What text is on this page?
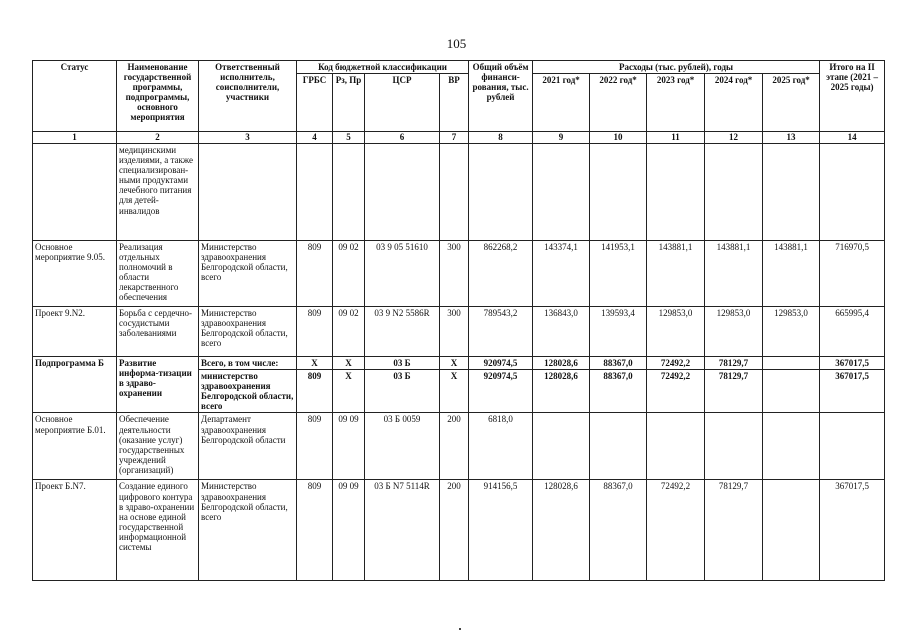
105
Статус	Наименование государственной программы, подпрограммы, основного мероприятия	Ответственный исполнитель, соисполнители, участники	Код бюджетной классификации				Общий объём финанси-рования, тыс. рублей	Расходы (тыс. рублей), годы					Итого на II этапе (2021 – 2025 годы)
			ГРБС	Рз, Пр	ЦСР	ВР		2021 год*	2022 год*	2023 год*	2024 год*	2025 год*	
1	2	3	4	5	6	7	8	9	10	11	12	13	14
	медицинскими изделиями, а также специализирован-ными продуктами лечебного питания для детей-инвалидов												
Основное мероприятие 9.05.	Реализация отдельных полномочий в области лекарственного обеспечения	Министерство здравоохранения Белгородской области, всего	809	09 02	03 9 05 51610	300	862268,2	143374,1	141953,1	143881,1	143881,1	143881,1	716970,5
Проект 9.N2.	Борьба с сердечно-сосудистыми заболеваниями	Министерство здравоохранения Белгородской области, всего	809	09 02	03 9 N2 5586R	300	789543,2	136843,0	139593,4	129853,0	129853,0	129853,0	665995,4
Подпрограмма Б	Развитие информа-тизации в здраво-охранении	Всего, в том числе:	Х	Х	03 Б	Х	920974,5	128028,6	88367,0	72492,2	78129,7		367017,5
		министерство здравоохранения Белгородской области, всего	809	Х	03 Б	Х	920974,5	128028,6	88367,0	72492,2	78129,7		367017,5
Основное мероприятие Б.01.	Обеспечение деятельности (оказание услуг) государственных учреждений (организаций)	Департамент здравоохранения Белгородской области	809	09 09	03 Б 0059	200	6818,0						
Проект Б.N7.	Создание единого цифрового контура в здраво-охранении на основе единой государственной информационной системы	Министерство здравоохранения Белгородской области, всего	809	09 09	03 Б N7 5114R	200	914156,5	128028,6	88367,0	72492,2	78129,7		367017,5
